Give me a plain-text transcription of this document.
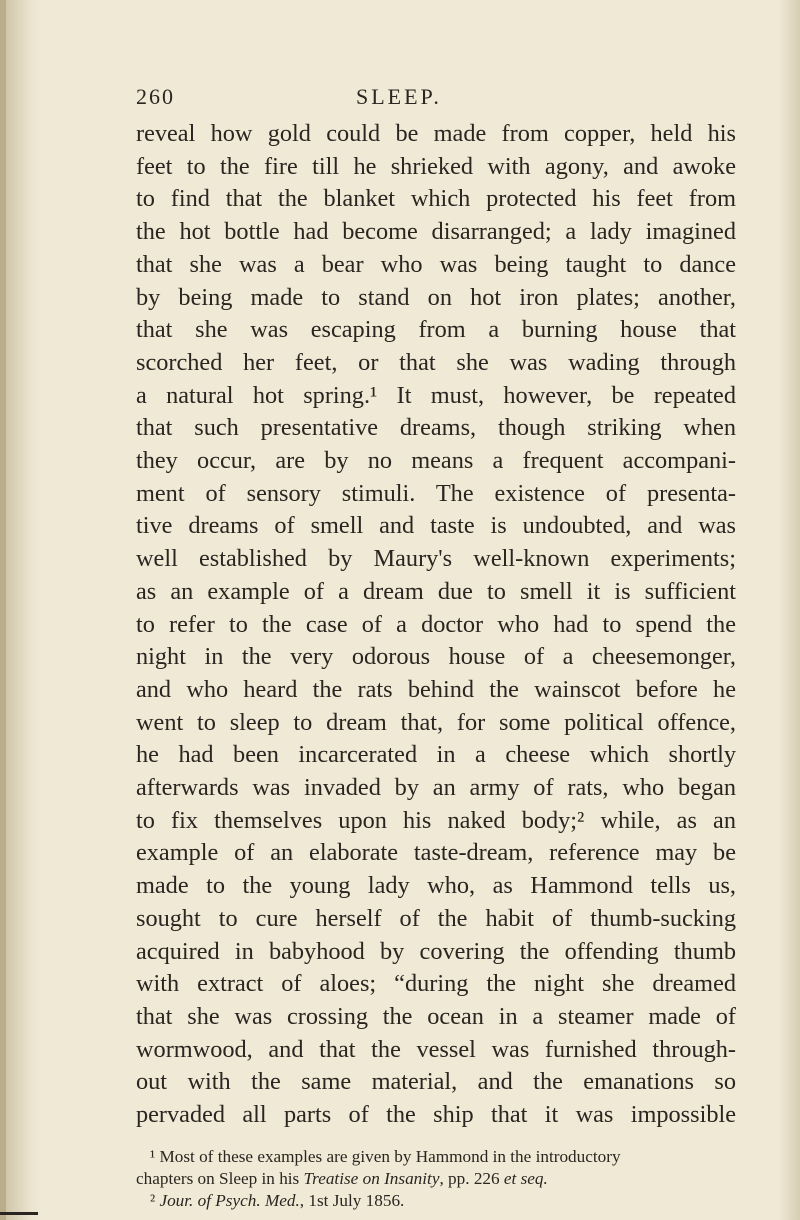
260	SLEEP.
reveal how gold could be made from copper, held his
feet to the fire till he shrieked with agony, and awoke
to find that the blanket which protected his feet from
the hot bottle had become disarranged; a lady imagined
that she was a bear who was being taught to dance
by being made to stand on hot iron plates; another,
that she was escaping from a burning house that
scorched her feet, or that she was wading through
a natural hot spring.¹ It must, however, be repeated
that such presentative dreams, though striking when
they occur, are by no means a frequent accompani-
ment of sensory stimuli. The existence of presenta-
tive dreams of smell and taste is undoubted, and was
well established by Maury's well-known experiments;
as an example of a dream due to smell it is sufficient
to refer to the case of a doctor who had to spend the
night in the very odorous house of a cheesemonger,
and who heard the rats behind the wainscot before he
went to sleep to dream that, for some political offence,
he had been incarcerated in a cheese which shortly
afterwards was invaded by an army of rats, who began
to fix themselves upon his naked body;² while, as an
example of an elaborate taste-dream, reference may be
made to the young lady who, as Hammond tells us,
sought to cure herself of the habit of thumb-sucking
acquired in babyhood by covering the offending thumb
with extract of aloes; “during the night she dreamed
that she was crossing the ocean in a steamer made of
wormwood, and that the vessel was furnished through-
out with the same material, and the emanations so
pervaded all parts of the ship that it was impossible
¹ Most of these examples are given by Hammond in the introductory
chapters on Sleep in his Treatise on Insanity, pp. 226 et seq.
² Jour. of Psych. Med., 1st July 1856.
